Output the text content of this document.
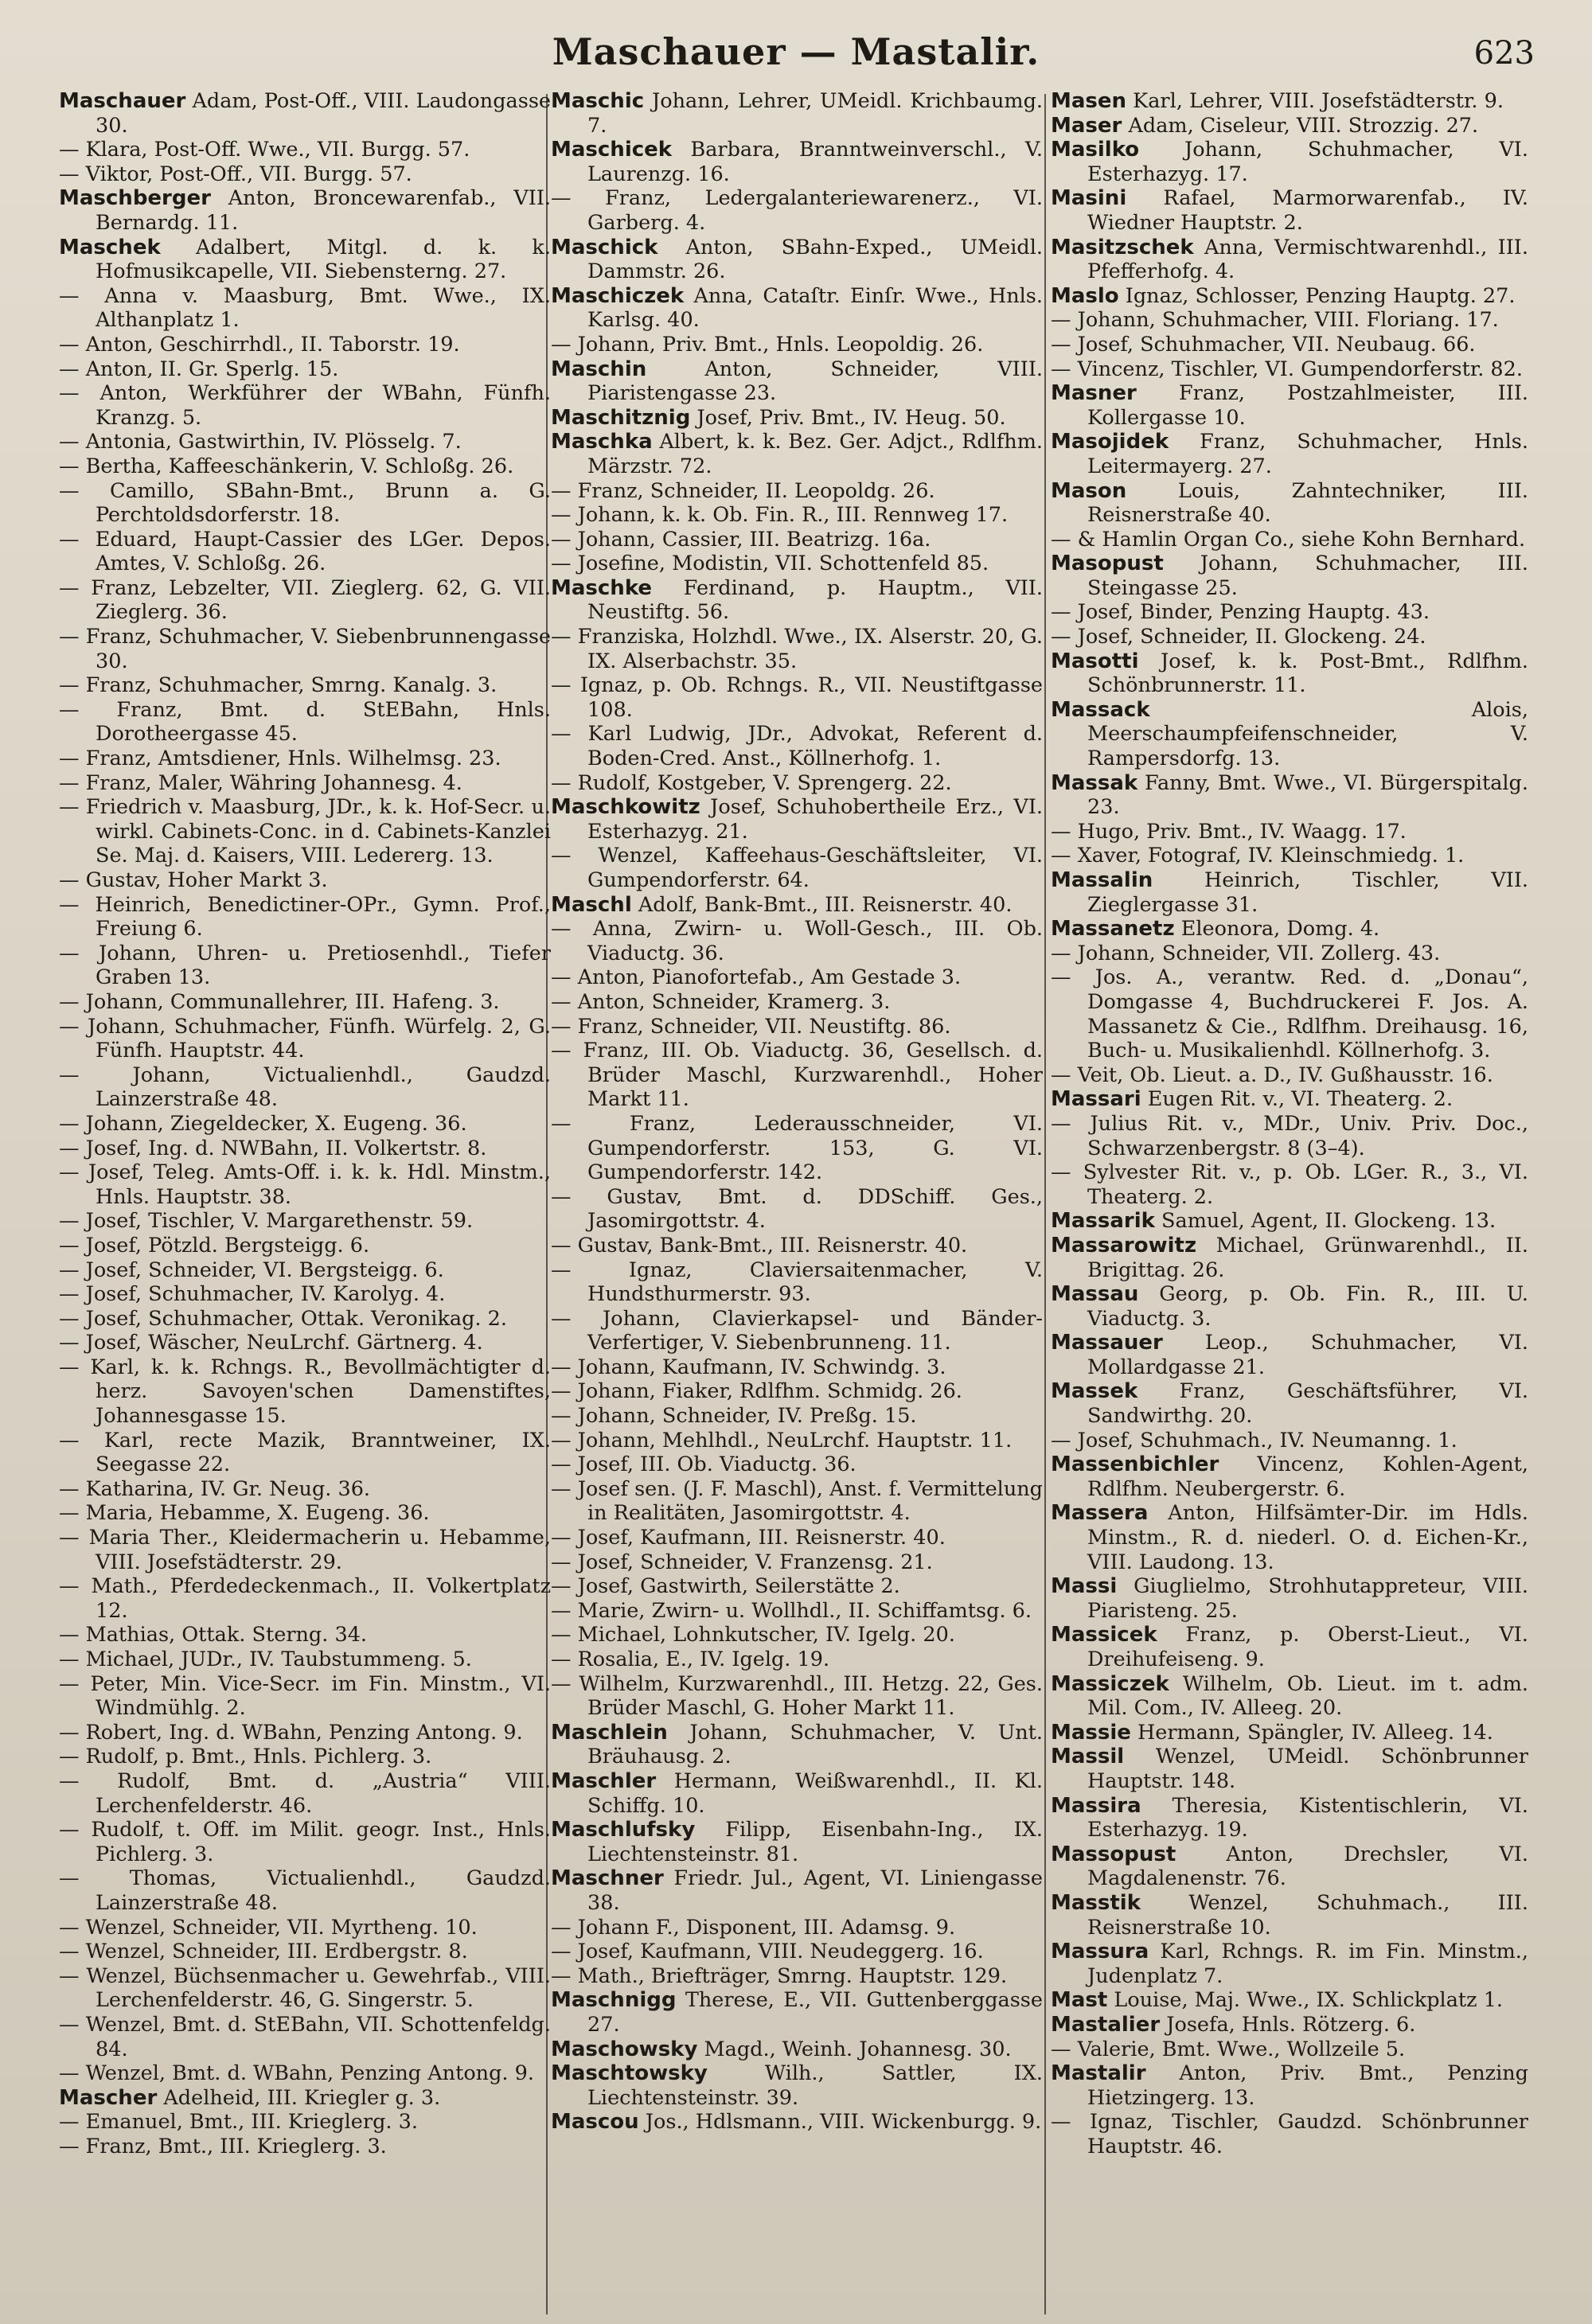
Maschauer — Mastalir.	623

Maschauer Adam, Post-Off., VIII. Laudongasse 30.

— Klara, Post-Off. Wwe., VII. Burgg. 57.

— Viktor, Post-Off., VII. Burgg. 57.

Maschberger Anton, Broncewarenfab., VII. Bernardg. 11.

Maschek Adalbert, Mitgl. d. k. k. Hofmusikcapelle, VII. Siebensterng. 27.

— Anna v. Maasburg, Bmt. Wwe., IX. Althanplatz 1.

— Anton, Geschirrhdl., II. Taborstr. 19.

— Anton, II. Gr. Sperlg. 15.

— Anton, Werkführer der WBahn, Fünfh. Kranzg. 5.

— Antonia, Gastwirthin, IV. Plösselg. 7.

— Bertha, Kaffeeschänkerin, V. Schloßg. 26.

— Camillo, SBahn-Bmt., Brunn a. G. Perchtoldsdorferstr. 18.

— Eduard, Haupt-Cassier des LGer. Depos. Amtes, V. Schloßg. 26.

— Franz, Lebzelter, VII. Zieglerg. 62, G. VII. Zieglerg. 36.

— Franz, Schuhmacher, V. Siebenbrunnengasse 30.

— Franz, Schuhmacher, Smrng. Kanalg. 3.

— Franz, Bmt. d. StEBahn, Hnls. Dorotheergasse 45.

— Franz, Amtsdiener, Hnls. Wilhelmsg. 23.

— Franz, Maler, Währing Johannesg. 4.

— Friedrich v. Maasburg, JDr., k. k. Hof-Secr. u. wirkl. Cabinets-Conc. in d. Cabinets-Kanzlei Se. Maj. d. Kaisers, VIII. Ledererg. 13.

— Gustav, Hoher Markt 3.

— Heinrich, Benedictiner-OPr., Gymn. Prof., Freiung 6.

— Johann, Uhren- u. Pretiosenhdl., Tiefer Graben 13.

— Johann, Communallehrer, III. Hafeng. 3.

— Johann, Schuhmacher, Fünfh. Würfelg. 2, G. Fünfh. Hauptstr. 44.

— Johann, Victualienhdl., Gaudzd. Lainzerstraße 48.

— Johann, Ziegeldecker, X. Eugeng. 36.

— Josef, Ing. d. NWBahn, II. Volkertstr. 8.

— Josef, Teleg. Amts-Off. i. k. k. Hdl. Minstm., Hnls. Hauptstr. 38.

— Josef, Tischler, V. Margarethenstr. 59.

— Josef, Pötzld. Bergsteigg. 6.

— Josef, Schneider, VI. Bergsteigg. 6.

— Josef, Schuhmacher, IV. Karolyg. 4.

— Josef, Schuhmacher, Ottak. Veronikag. 2.

— Josef, Wäscher, NeuLrchf. Gärtnerg. 4.

— Karl, k. k. Rchngs. R., Bevollmächtigter d. herz. Savoyen'schen Damenstiftes, Johannesgasse 15.

— Karl, recte Mazik, Branntweiner, IX. Seegasse 22.

— Katharina, IV. Gr. Neug. 36.

— Maria, Hebamme, X. Eugeng. 36.

— Maria Ther., Kleidermacherin u. Hebamme, VIII. Josefstädterstr. 29.

— Math., Pferdedeckenmach., II. Volkertplatz 12.

— Mathias, Ottak. Sterng. 34.

— Michael, JUDr., IV. Taubstummeng. 5.

— Peter, Min. Vice-Secr. im Fin. Minstm., VI. Windmühlg. 2.

— Robert, Ing. d. WBahn, Penzing Antong. 9.

— Rudolf, p. Bmt., Hnls. Pichlerg. 3.

— Rudolf, Bmt. d. „Austria“ VIII. Lerchenfelderstr. 46.

— Rudolf, t. Off. im Milit. geogr. Inst., Hnls. Pichlerg. 3.

— Thomas, Victualienhdl., Gaudzd. Lainzerstraße 48.

— Wenzel, Schneider, VII. Myrtheng. 10.

— Wenzel, Schneider, III. Erdbergstr. 8.

— Wenzel, Büchsenmacher u. Gewehrfab., VIII. Lerchenfelderstr. 46, G. Singerstr. 5.

— Wenzel, Bmt. d. StEBahn, VII. Schottenfeldg. 84.

— Wenzel, Bmt. d. WBahn, Penzing Antong. 9.

Mascher Adelheid, III. Kriegler g. 3.

— Emanuel, Bmt., III. Krieglerg. 3.

— Franz, Bmt., III. Krieglerg. 3.

Maschic Johann, Lehrer, UMeidl. Krichbaumg. 7.

Maschicek Barbara, Branntweinverschl., V. Laurenzg. 16.

— Franz, Ledergalanteriewarenerz., VI. Garberg. 4.

Maschick Anton, SBahn-Exped., UMeidl. Dammstr. 26.

Maschiczek Anna, Cataſtr. Einſr. Wwe., Hnls. Karlsg. 40.

— Johann, Priv. Bmt., Hnls. Leopoldig. 26.

Maschin Anton, Schneider, VIII. Piaristengasse 23.

Maschitznig Josef, Priv. Bmt., IV. Heug. 50.

Maschka Albert, k. k. Bez. Ger. Adjct., Rdlfhm. Märzstr. 72.

— Franz, Schneider, II. Leopoldg. 26.

— Johann, k. k. Ob. Fin. R., III. Rennweg 17.

— Johann, Cassier, III. Beatrizg. 16a.

— Josefine, Modistin, VII. Schottenfeld 85.

Maschke Ferdinand, p. Hauptm., VII. Neustiftg. 56.

— Franziska, Holzhdl. Wwe., IX. Alserstr. 20, G. IX. Alserbachstr. 35.

— Ignaz, p. Ob. Rchngs. R., VII. Neustiftgasse 108.

— Karl Ludwig, JDr., Advokat, Referent d. Boden-Cred. Anst., Köllnerhofg. 1.

— Rudolf, Kostgeber, V. Sprengerg. 22.

Maschkowitz Josef, Schuhobertheile Erz., VI. Esterhazyg. 21.

— Wenzel, Kaffeehaus-Geschäftsleiter, VI. Gumpendorferstr. 64.

Maschl Adolf, Bank-Bmt., III. Reisnerstr. 40.

— Anna, Zwirn- u. Woll-Gesch., III. Ob. Viaductg. 36.

— Anton, Pianofortefab., Am Gestade 3.

— Anton, Schneider, Kramerg. 3.

— Franz, Schneider, VII. Neustiftg. 86.

— Franz, III. Ob. Viaductg. 36, Gesellsch. d. Brüder Maschl, Kurzwarenhdl., Hoher Markt 11.

— Franz, Lederausschneider, VI. Gumpendorferstr. 153, G. VI. Gumpendorferstr. 142.

— Gustav, Bmt. d. DDSchiff. Ges., Jasomirgottstr. 4.

— Gustav, Bank-Bmt., III. Reisnerstr. 40.

— Ignaz, Claviersaitenmacher, V. Hundsthurmerstr. 93.

— Johann, Clavierkapsel- und Bänder-Verfertiger, V. Siebenbrunneng. 11.

— Johann, Kaufmann, IV. Schwindg. 3.

— Johann, Fiaker, Rdlfhm. Schmidg. 26.

— Johann, Schneider, IV. Preßg. 15.

— Johann, Mehlhdl., NeuLrchf. Hauptstr. 11.

— Josef, III. Ob. Viaductg. 36.

— Josef sen. (J. F. Maschl), Anst. f. Vermittelung in Realitäten, Jasomirgottstr. 4.

— Josef, Kaufmann, III. Reisnerstr. 40.

— Josef, Schneider, V. Franzensg. 21.

— Josef, Gastwirth, Seilerstätte 2.

— Marie, Zwirn- u. Wollhdl., II. Schiffamtsg. 6.

— Michael, Lohnkutscher, IV. Igelg. 20.

— Rosalia, E., IV. Igelg. 19.

— Wilhelm, Kurzwarenhdl., III. Hetzg. 22, Ges. Brüder Maschl, G. Hoher Markt 11.

Maschlein Johann, Schuhmacher, V. Unt. Bräuhausg. 2.

Maschler Hermann, Weißwarenhdl., II. Kl. Schiffg. 10.

Maschlufsky Filipp, Eisenbahn-Ing., IX. Liechtensteinstr. 81.

Maschner Friedr. Jul., Agent, VI. Liniengasse 38.

— Johann F., Disponent, III. Adamsg. 9.

— Josef, Kaufmann, VIII. Neudeggerg. 16.

— Math., Briefträger, Smrng. Hauptstr. 129.

Maschnigg Therese, E., VII. Guttenberggasse 27.

Maschowsky Magd., Weinh. Johannesg. 30.

Maschtowsky Wilh., Sattler, IX. Liechtensteinstr. 39.

Mascou Jos., Hdlsmann., VIII. Wickenburgg. 9.

Masen Karl, Lehrer, VIII. Josefstädterstr. 9.

Maser Adam, Ciseleur, VIII. Strozzig. 27.

Masilko Johann, Schuhmacher, VI. Esterhazyg. 17.

Masini Rafael, Marmorwarenfab., IV. Wiedner Hauptstr. 2.

Masitzschek Anna, Vermischtwarenhdl., III. Pfefferhofg. 4.

Maslo Ignaz, Schlosser, Penzing Hauptg. 27.

— Johann, Schuhmacher, VIII. Floriang. 17.

— Josef, Schuhmacher, VII. Neubaug. 66.

— Vincenz, Tischler, VI. Gumpendorferstr. 82.

Masner Franz, Postzahlmeister, III. Kollergasse 10.

Masojidek Franz, Schuhmacher, Hnls. Leitermayerg. 27.

Mason Louis, Zahntechniker, III. Reisnerstraße 40.

— & Hamlin Organ Co., siehe Kohn Bernhard.

Masopust Johann, Schuhmacher, III. Steingasse 25.

— Josef, Binder, Penzing Hauptg. 43.

— Josef, Schneider, II. Glockeng. 24.

Masotti Josef, k. k. Post-Bmt., Rdlfhm. Schönbrunnerstr. 11.

Massack Alois, Meerschaumpfeifenschneider, V. Rampersdorfg. 13.

Massak Fanny, Bmt. Wwe., VI. Bürgerspitalg. 23.

— Hugo, Priv. Bmt., IV. Waagg. 17.

— Xaver, Fotograf, IV. Kleinschmiedg. 1.

Massalin Heinrich, Tischler, VII. Zieglergasse 31.

Massanetz Eleonora, Domg. 4.

— Johann, Schneider, VII. Zollerg. 43.

— Jos. A., verantw. Red. d. „Donau“, Domgasse 4, Buchdruckerei F. Jos. A. Massanetz & Cie., Rdlfhm. Dreihausg. 16, Buch- u. Musikalienhdl. Köllnerhofg. 3.

— Veit, Ob. Lieut. a. D., IV. Gußhausstr. 16.

Massari Eugen Rit. v., VI. Theaterg. 2.

— Julius Rit. v., MDr., Univ. Priv. Doc., Schwarzenbergstr. 8 (3–4).

— Sylvester Rit. v., p. Ob. LGer. R., 3., VI. Theaterg. 2.

Massarik Samuel, Agent, II. Glockeng. 13.

Massarowitz Michael, Grünwarenhdl., II. Brigittag. 26.

Massau Georg, p. Ob. Fin. R., III. U. Viaductg. 3.

Massauer Leop., Schuhmacher, VI. Mollardgasse 21.

Massek Franz, Geschäftsführer, VI. Sandwirthg. 20.

— Josef, Schuhmach., IV. Neumanng. 1.

Massenbichler Vincenz, Kohlen-Agent, Rdlfhm. Neubergerstr. 6.

Massera Anton, Hilfsämter-Dir. im Hdls. Minstm., R. d. niederl. O. d. Eichen-Kr., VIII. Laudong. 13.

Massi Giuglielmo, Strohhutappreteur, VIII. Piaristeng. 25.

Massicek Franz, p. Oberst-Lieut., VI. Dreihufeiseng. 9.

Massiczek Wilhelm, Ob. Lieut. im t. adm. Mil. Com., IV. Alleeg. 20.

Massie Hermann, Spängler, IV. Alleeg. 14.

Massil Wenzel, UMeidl. Schönbrunner Hauptstr. 148.

Massira Theresia, Kistentischlerin, VI. Esterhazyg. 19.

Massopust Anton, Drechsler, VI. Magdalenenstr. 76.

Masstik Wenzel, Schuhmach., III. Reisnerstraße 10.

Massura Karl, Rchngs. R. im Fin. Minstm., Judenplatz 7.

Mast Louise, Maj. Wwe., IX. Schlickplatz 1.

Mastalier Josefa, Hnls. Rötzerg. 6.

— Valerie, Bmt. Wwe., Wollzeile 5.

Mastalir Anton, Priv. Bmt., Penzing Hietzingerg. 13.

— Ignaz, Tischler, Gaudzd. Schönbrunner Hauptstr. 46.
